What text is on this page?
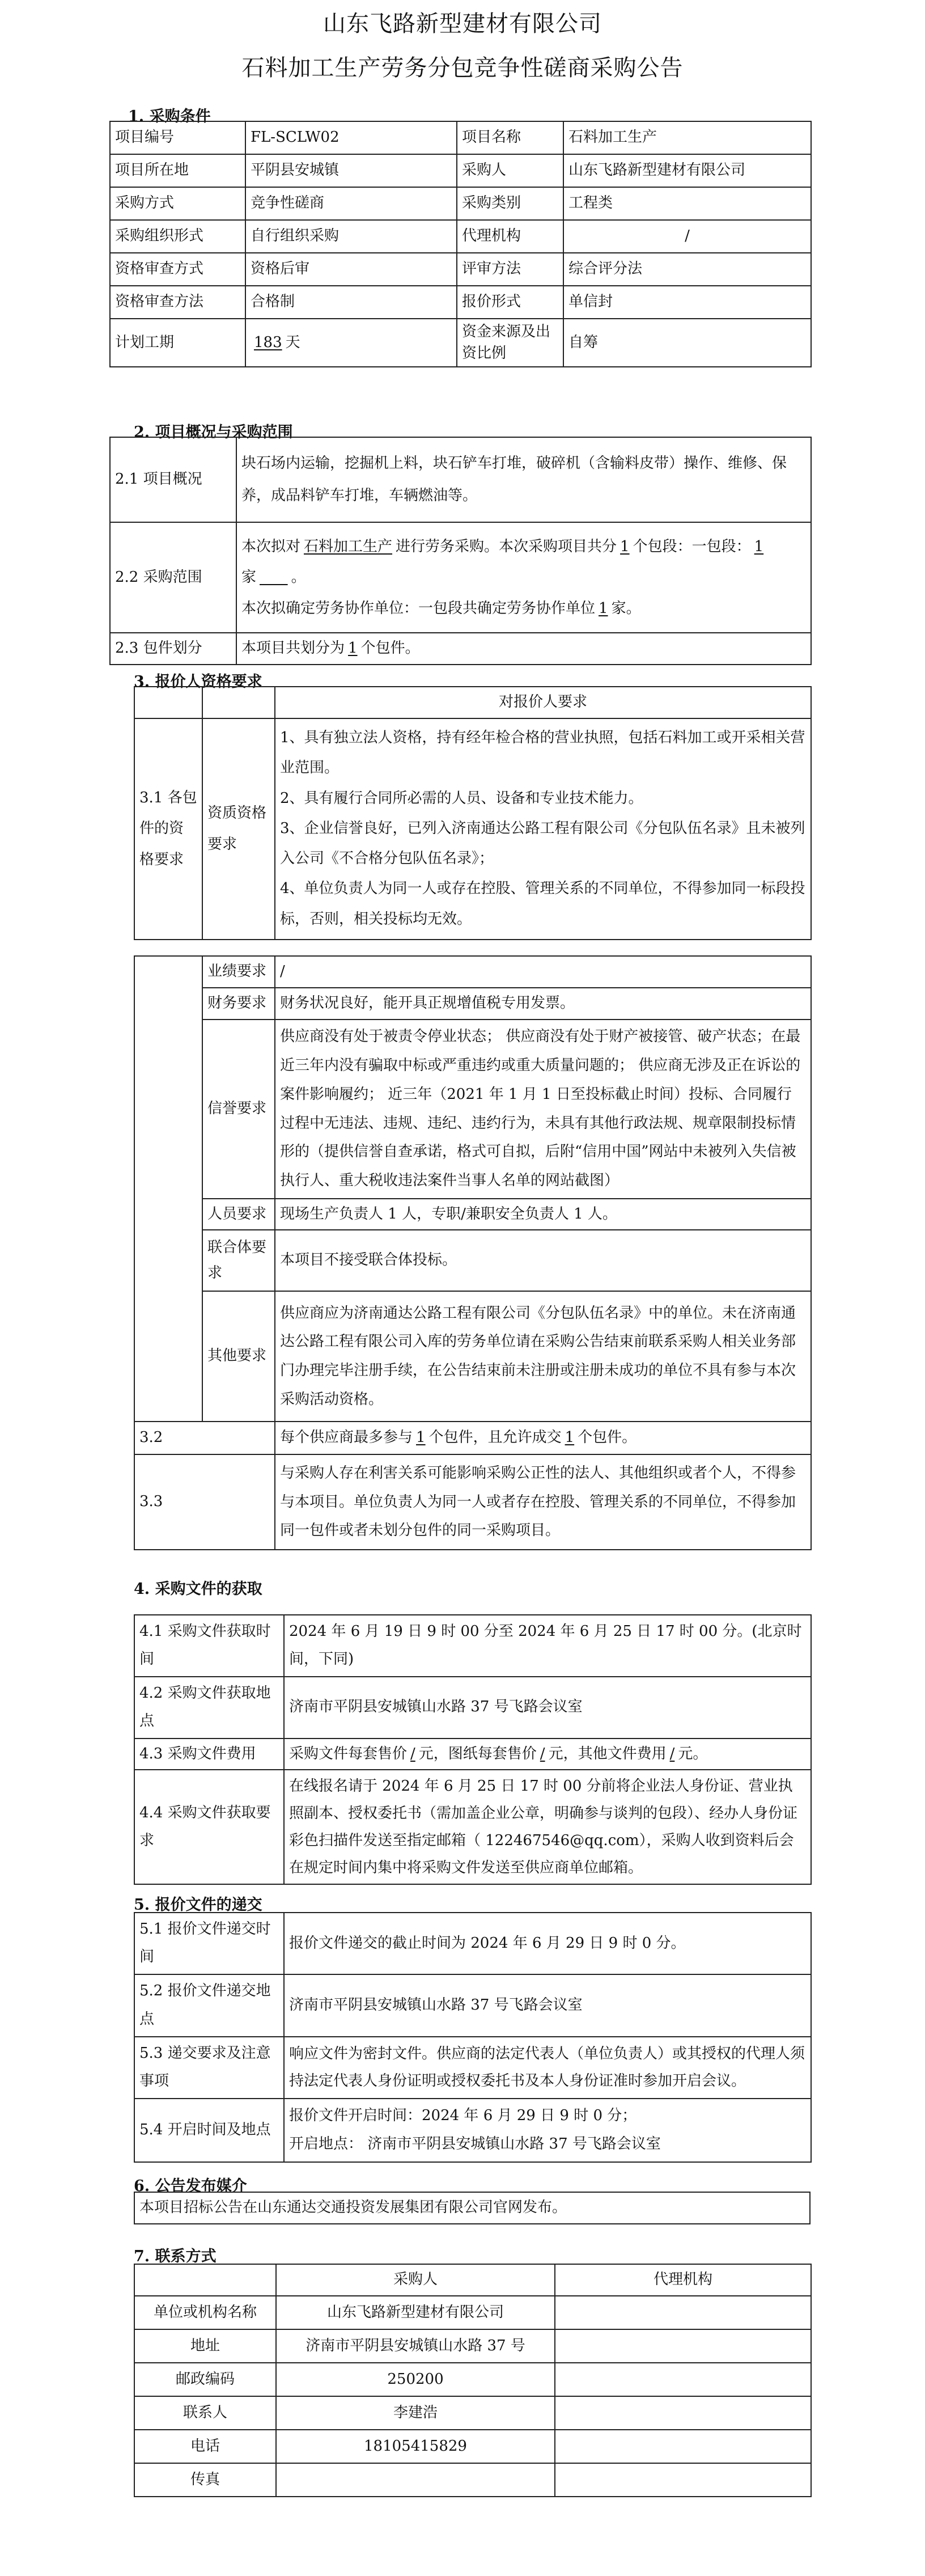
山东飞路新型建材有限公司
石料加工生产劳务分包竞争性磋商采购公告
1. 采购条件
项目编号	FL-SCLW02	项目名称	石料加工生产
项目所在地	平阴县安城镇	采购人	山东飞路新型建材有限公司
采购方式	竞争性磋商	采购类别	工程类
采购组织形式	自行组织采购	代理机构	/
资格审查方式	资格后审	评审方法	综合评分法
资格审查方法	合格制	报价形式	单信封
计划工期	183 天	资金来源及出资比例	自筹
2. 项目概况与采购范围
2.1 项目概况	块石场内运输，挖掘机上料，块石铲车打堆，破碎机（含输料皮带）操作、维修、保养，成品料铲车打堆，车辆燃油等。
2.2 采购范围	本次拟对 石料加工生产 进行劳务采购。本次采购项目共分 1 个包段：一包段： 1家 。
本次拟确定劳务协作单位：一包段共确定劳务协作单位 1 家。
2.3 包件划分	本项目共划分为 1 个包件。
3. 报价人资格要求
		对报价人要求
3.1 各包件的资格要求	资质资格要求	1、具有独立法人资格，持有经年检合格的营业执照，包括石料加工或开采相关营业范围。

2、具有履行合同所必需的人员、设备和专业技术能力。

3、企业信誉良好，已列入济南通达公路工程有限公司《分包队伍名录》且未被列入公司《不合格分包队伍名录》；

4、单位负责人为同一人或存在控股、管理关系的不同单位，不得参加同一标段投标，否则，相关投标均无效。

	业绩要求	/
	财务要求	财务状况良好，能开具正规增值税专用发票。
	信誉要求	供应商没有处于被责令停业状态； 供应商没有处于财产被接管、破产状态；在最近三年内没有骗取中标或严重违约或重大质量问题的； 供应商无涉及正在诉讼的案件影响履约； 近三年（2021 年 1 月 1 日至投标截止时间）投标、合同履行过程中无违法、违规、违纪、违约行为，未具有其他行政法规、规章限制投标情形的（提供信誉自查承诺，格式可自拟，后附“信用中国”网站中未被列入失信被执行人、重大税收违法案件当事人名单的网站截图）
	人员要求	现场生产负责人 1 人，专职/兼职安全负责人 1 人。
	联合体要求	本项目不接受联合体投标。
	其他要求	供应商应为济南通达公路工程有限公司《分包队伍名录》中的单位。未在济南通达公路工程有限公司入库的劳务单位请在采购公告结束前联系采购人相关业务部门办理完毕注册手续，在公告结束前未注册或注册未成功的单位不具有参与本次采购活动资格。
3.2		每个供应商最多参与 1 个包件，且允许成交 1 个包件。
3.3		与采购人存在利害关系可能影响采购公正性的法人、其他组织或者个人，不得参与本项目。单位负责人为同一人或者存在控股、管理关系的不同单位，不得参加同一包件或者未划分包件的同一采购项目。
4. 采购文件的获取
4.1 采购文件获取时间	2024 年 6 月 19 日 9 时 00 分至 2024 年 6 月 25 日 17 时 00 分。(北京时间，下同)
4.2 采购文件获取地点	济南市平阴县安城镇山水路 37 号飞路会议室
4.3 采购文件费用	采购文件每套售价 / 元，图纸每套售价 / 元，其他文件费用 / 元。
4.4 采购文件获取要求	在线报名请于 2024 年 6 月 25 日 17 时 00 分前将企业法人身份证、营业执照副本、授权委托书（需加盖企业公章，明确参与谈判的包段）、经办人身份证彩色扫描件发送至指定邮箱（ 122467546@qq.com），采购人收到资料后会在规定时间内集中将采购文件发送至供应商单位邮箱。
5. 报价文件的递交
5.1 报价文件递交时间	报价文件递交的截止时间为 2024 年 6 月 29 日 9 时 0 分。
5.2 报价文件递交地点	济南市平阴县安城镇山水路 37 号飞路会议室
5.3 递交要求及注意事项	响应文件为密封文件。供应商的法定代表人（单位负责人）或其授权的代理人须持法定代表人身份证明或授权委托书及本人身份证准时参加开启会议。
5.4 开启时间及地点	报价文件开启时间：2024 年 6 月 29 日 9 时 0 分；

开启地点： 济南市平阴县安城镇山水路 37 号飞路会议室

6. 公告发布媒介
本项目招标公告在山东通达交通投资发展集团有限公司官网发布。
7. 联系方式
	采购人	代理机构
单位或机构名称	山东飞路新型建材有限公司	
地址	济南市平阴县安城镇山水路 37 号	
邮政编码	250200	
联系人	李建浩	
电话	18105415829	
传真		
